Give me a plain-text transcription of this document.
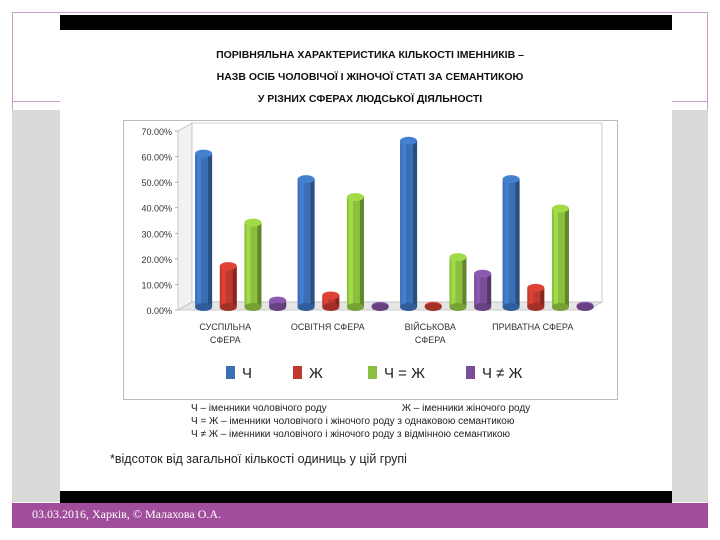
ПОРІВНЯЛЬНА ХАРАКТЕРИСТИКА КІЛЬКОСТІ ІМЕННИКІВ –
НАЗВ ОСІБ ЧОЛОВІЧОЇ І ЖІНОЧОЇ СТАТІ ЗА СЕМАНТИКОЮ
У РІЗНИХ СФЕРАХ ЛЮДСЬКОЇ ДІЯЛЬНОСТІ
0.00%
10.00%
20.00%
30.00%
40.00%
50.00%
60.00%
70.00%
СУСПІЛЬНА
СФЕРА
ОСВІТНЯ СФЕРА	ВІЙСЬКОВА
СФЕРА
ПРИВАТНА СФЕРА
Ч	Ж	Ч = Ж	Ч ≠ Ж
Ч – іменники чоловічого роду	Ж – іменники жіночого роду
Ч = Ж – іменники чоловічого і жіночого роду з однаковою семантикою
Ч ≠ Ж – іменники чоловічого і жіночого роду з відмінною семантикою
*відсоток від загальної кількості одиниць у цій групі
03.03.2016, Харків, © Малахова О.А.
